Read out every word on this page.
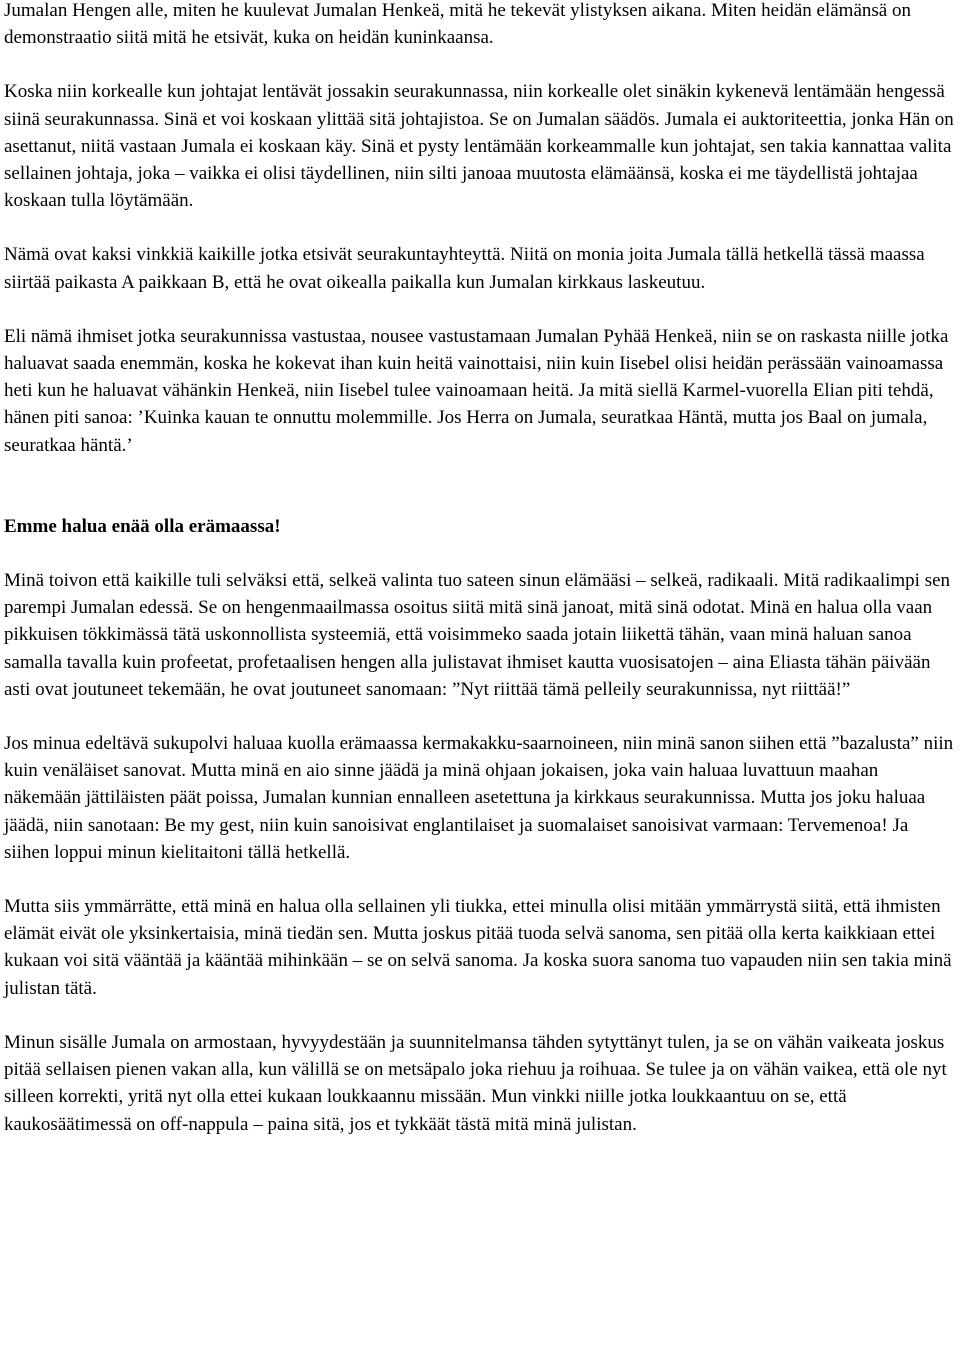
Jumalan Hengen alle, miten he kuulevat Jumalan Henkeä, mitä he tekevät ylistyksen aikana. Miten heidän elämänsä on demonstraatio siitä mitä he etsivät, kuka on heidän kuninkaansa.

Koska niin korkealle kun johtajat lentävät jossakin seurakunnassa, niin korkealle olet sinäkin kykenevä lentämään hengessä siinä seurakunnassa. Sinä et voi koskaan ylittää sitä johtajistoa. Se on Jumalan säädös. Jumala ei auktoriteettia, jonka Hän on asettanut, niitä vastaan Jumala ei koskaan käy. Sinä et pysty lentämään korkeammalle kun johtajat, sen takia kannattaa valita sellainen johtaja, joka – vaikka ei olisi täydellinen, niin silti janoaa muutosta elämäänsä, koska ei me täydellistä johtajaa koskaan tulla löytämään.

Nämä ovat kaksi vinkkiä kaikille jotka etsivät seurakuntayhteyttä. Niitä on monia joita Jumala tällä hetkellä tässä maassa siirtää paikasta A paikkaan B, että he ovat oikealla paikalla kun Jumalan kirkkaus laskeutuu.

Eli nämä ihmiset jotka seurakunnissa vastustaa, nousee vastustamaan Jumalan Pyhää Henkeä, niin se on raskasta niille jotka haluavat saada enemmän, koska he kokevat ihan kuin heitä vainottaisi, niin kuin Iisebel olisi heidän perässään vainoamassa heti kun he haluavat vähänkin Henkeä, niin Iisebel tulee vainoamaan heitä. Ja mitä siellä Karmel-vuorella Elian piti tehdä, hänen piti sanoa: ’Kuinka kauan te onnuttu molemmille. Jos Herra on Jumala, seuratkaa Häntä, mutta jos Baal on jumala, seuratkaa häntä.’

Emme halua enää olla erämaassa!

Minä toivon että kaikille tuli selväksi että, selkeä valinta tuo sateen sinun elämääsi – selkeä, radikaali. Mitä radikaalimpi sen parempi Jumalan edessä. Se on hengenmaailmassa osoitus siitä mitä sinä janoat, mitä sinä odotat. Minä en halua olla vaan pikkuisen tökkimässä tätä uskonnollista systeemiä, että voisimmeko saada jotain liikettä tähän, vaan minä haluan sanoa samalla tavalla kuin profeetat, profetaalisen hengen alla julistavat ihmiset kautta vuosisatojen – aina Eliasta tähän päivään asti ovat joutuneet tekemään, he ovat joutuneet sanomaan: ”Nyt riittää tämä pelleily seurakunnissa, nyt riittää!”

Jos minua edeltävä sukupolvi haluaa kuolla erämaassa kermakakku-saarnoineen, niin minä sanon siihen että ”bazalusta” niin kuin venäläiset sanovat. Mutta minä en aio sinne jäädä ja minä ohjaan jokaisen, joka vain haluaa luvattuun maahan näkemään jättiläisten päät poissa, Jumalan kunnian ennalleen asetettuna ja kirkkaus seurakunnissa. Mutta jos joku haluaa jäädä, niin sanotaan: Be my gest, niin kuin sanoisivat englantilaiset ja suomalaiset sanoisivat varmaan: Tervemenoa! Ja siihen loppui minun kielitaitoni tällä hetkellä.

Mutta siis ymmärrätte, että minä en halua olla sellainen yli tiukka, ettei minulla olisi mitään ymmärrystä siitä, että ihmisten elämät eivät ole yksinkertaisia, minä tiedän sen. Mutta joskus pitää tuoda selvä sanoma, sen pitää olla kerta kaikkiaan ettei kukaan voi sitä vääntää ja kääntää mihinkään – se on selvä sanoma. Ja koska suora sanoma tuo vapauden niin sen takia minä julistan tätä.

Minun sisälle Jumala on armostaan, hyvyydestään ja suunnitelmansa tähden sytyttänyt tulen, ja se on vähän vaikeata joskus pitää sellaisen pienen vakan alla, kun välillä se on metsäpalo joka riehuu ja roihuaa. Se tulee ja on vähän vaikea, että ole nyt silleen korrekti, yritä nyt olla ettei kukaan loukkaannu missään. Mun vinkki niille jotka loukkaantuu on se, että kaukosäätimessä on off-nappula – paina sitä, jos et tykkäät tästä mitä minä julistan.
